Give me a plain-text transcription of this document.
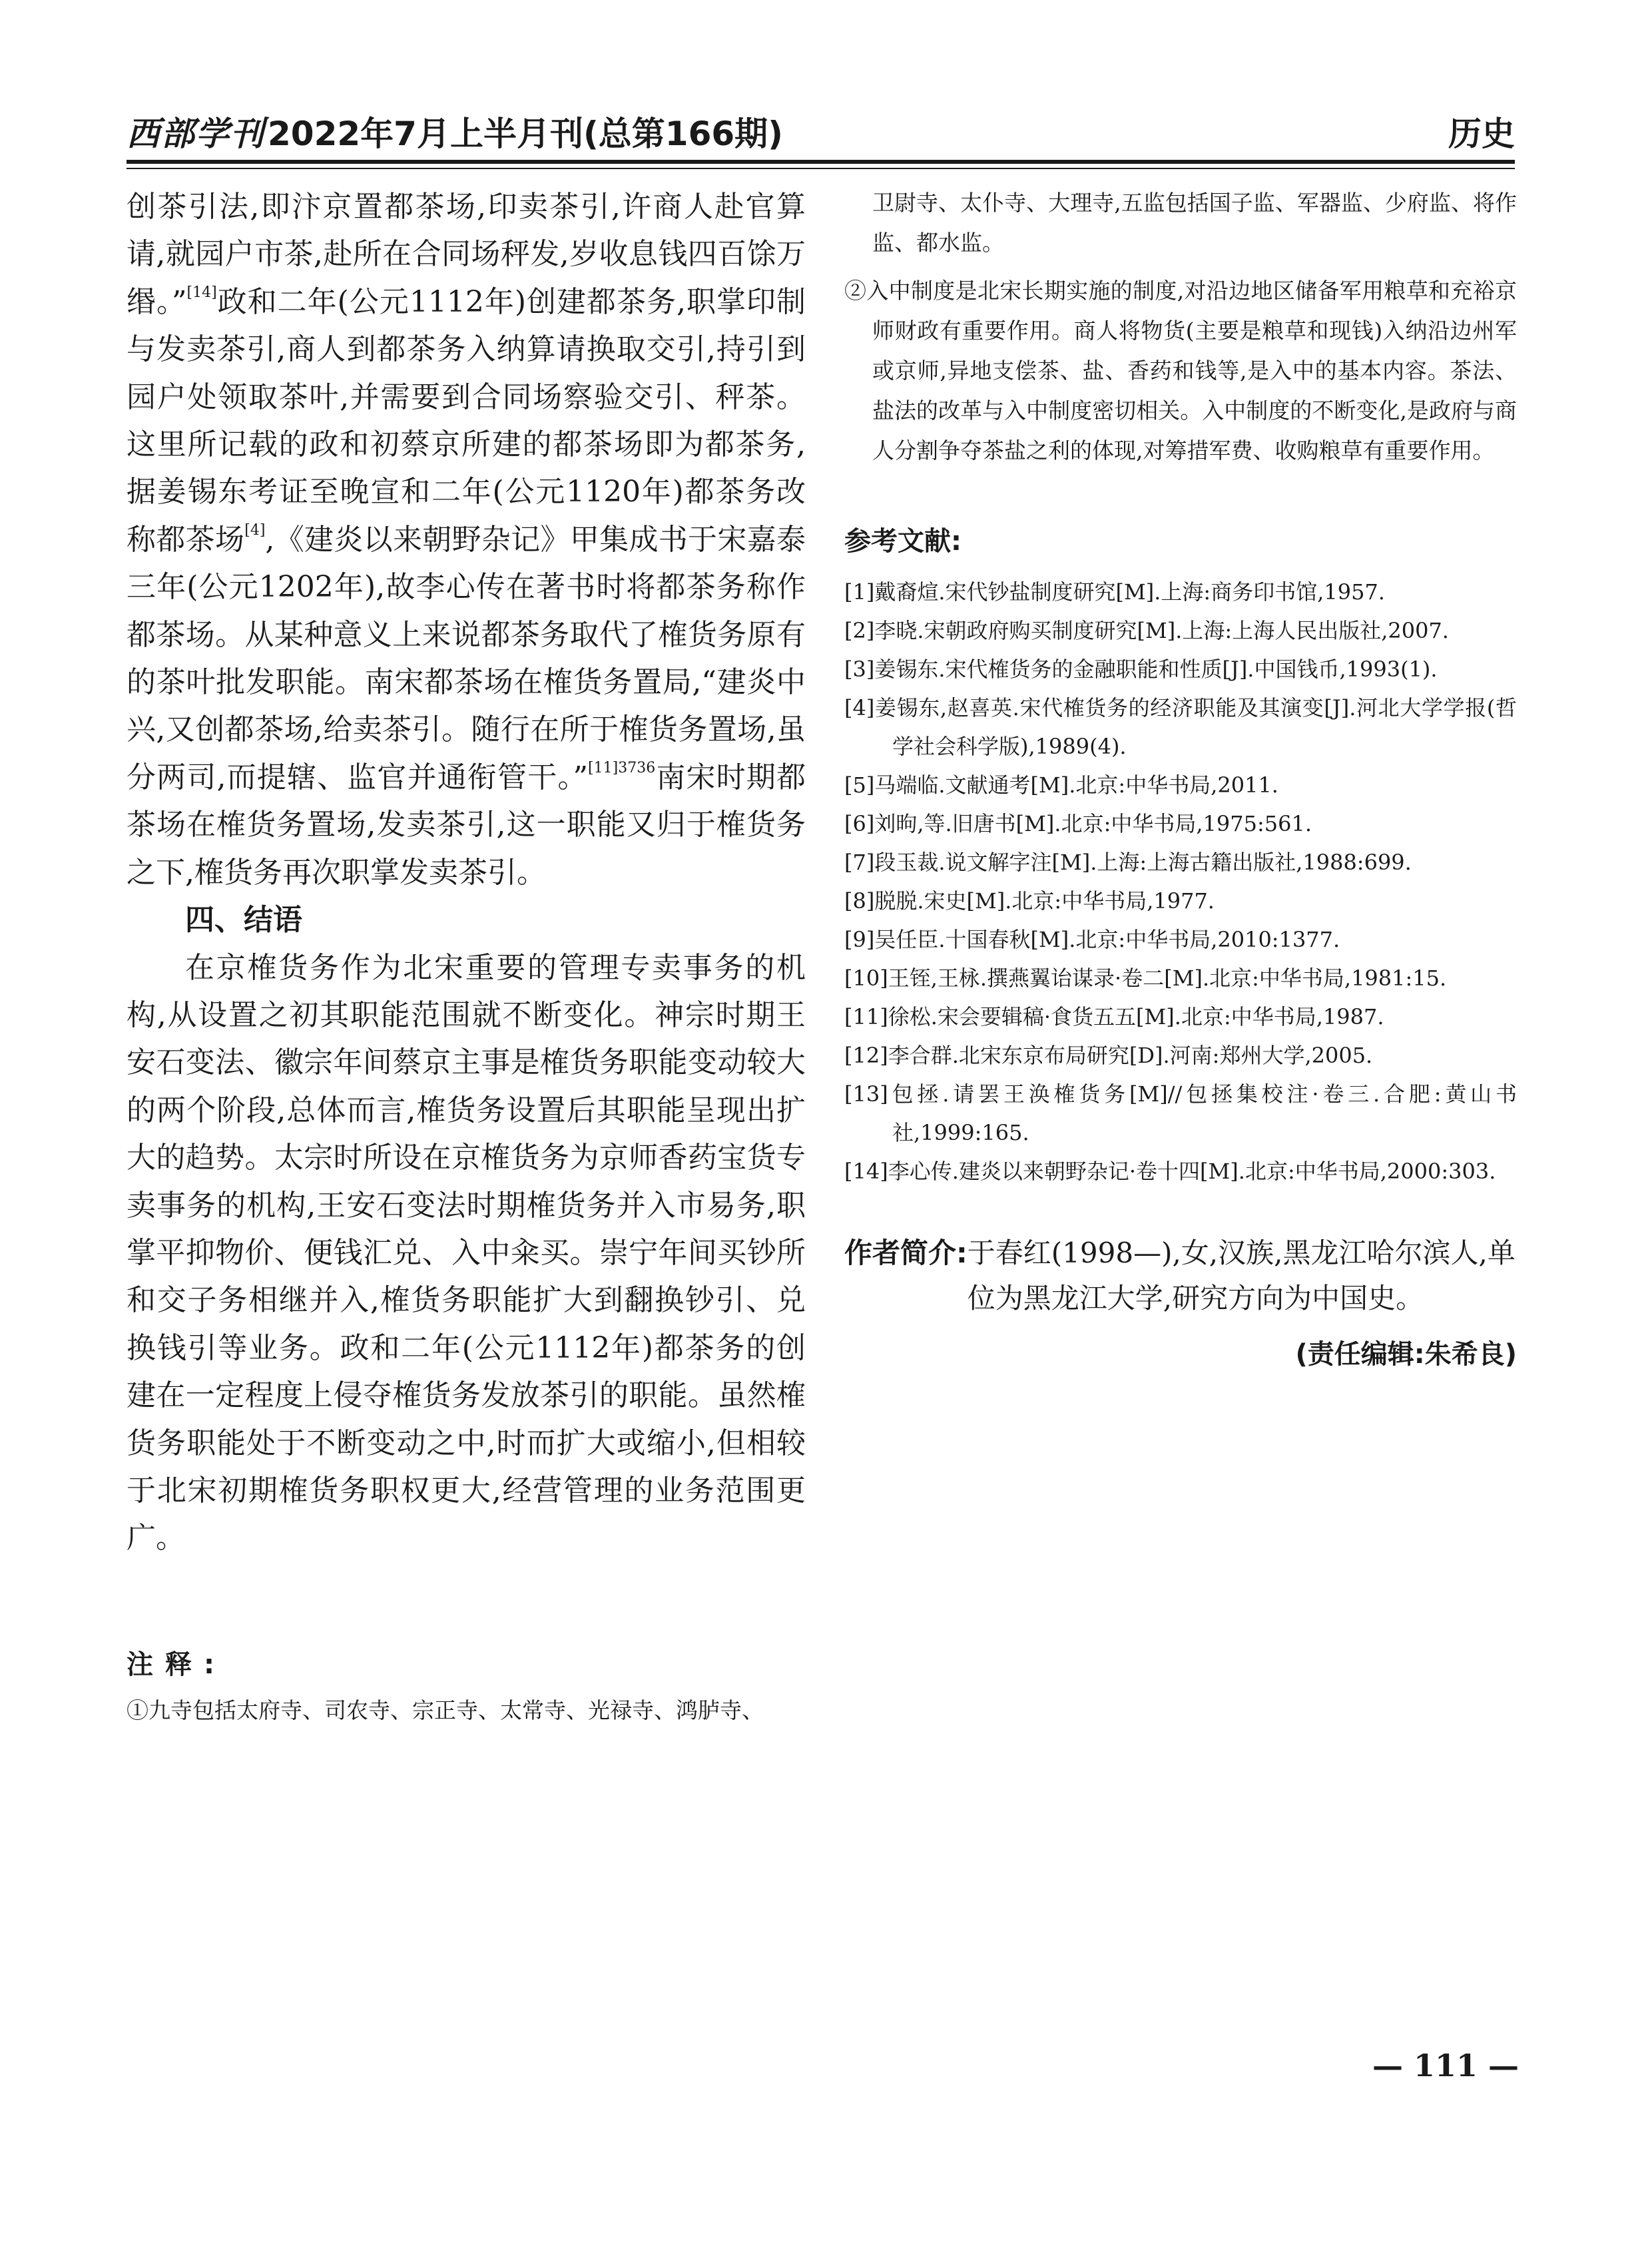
西部学刊2022年7月上半月刊(总第166期)	历史

创茶引法,即汴京置都茶场,印卖茶引,许商人赴官算请,就园户市茶,赴所在合同场秤发,岁收息钱四百馀万缗。”[14]政和二年(公元1112年)创建都茶务,职掌印制与发卖茶引,商人到都茶务入纳算请换取交引,持引到园户处领取茶叶,并需要到合同场察验交引、秤茶。这里所记载的政和初蔡京所建的都茶场即为都茶务,据姜锡东考证至晚宣和二年(公元1120年)都茶务改称都茶场[4],《建炎以来朝野杂记》甲集成书于宋嘉泰三年(公元1202年),故李心传在著书时将都茶务称作都茶场。从某种意义上来说都茶务取代了榷货务原有的茶叶批发职能。南宋都茶场在榷货务置局,“建炎中兴,又创都茶场,给卖茶引。随行在所于榷货务置场,虽分两司,而提辖、监官并通衔管干。”$^{[11]3736}$南宋时期都茶场在榷货务置场,发卖茶引,这一职能又归于榷货务之下,榷货务再次职掌发卖茶引。

四、结语

在京榷货务作为北宋重要的管理专卖事务的机构,从设置之初其职能范围就不断变化。神宗时期王安石变法、徽宗年间蔡京主事是榷货务职能变动较大的两个阶段,总体而言,榷货务设置后其职能呈现出扩大的趋势。太宗时所设在京榷货务为京师香药宝货专卖事务的机构,王安石变法时期榷货务并入市易务,职掌平抑物价、便钱汇兑、入中籴买。崇宁年间买钞所和交子务相继并入,榷货务职能扩大到翻换钞引、兑换钱引等业务。政和二年(公元1112年)都茶务的创建在一定程度上侵夺榷货务发放茶引的职能。虽然榷货务职能处于不断变动之中,时而扩大或缩小,但相较于北宋初期榷货务职权更大,经营管理的业务范围更广。

注释:
①九寺包括太府寺、司农寺、宗正寺、太常寺、光禄寺、鸿胪寺、

卫尉寺、太仆寺、大理寺,五监包括国子监、军器监、少府监、将作监、都水监。

②入中制度是北宋长期实施的制度,对沿边地区储备军用粮草和充裕京师财政有重要作用。商人将物货(主要是粮草和现钱)入纳沿边州军或京师,异地支偿茶、盐、香药和钱等,是入中的基本内容。茶法、盐法的改革与入中制度密切相关。入中制度的不断变化,是政府与商人分割争夺茶盐之利的体现,对筹措军费、收购粮草有重要作用。

参考文献:

[1]戴裔煊.宋代钞盐制度研究[M].上海:商务印书馆,1957.

[2]李晓.宋朝政府购买制度研究[M].上海:上海人民出版社,2007.

[3]姜锡东.宋代榷货务的金融职能和性质[J].中国钱币,1993(1).

[4]姜锡东,赵喜英.宋代榷货务的经济职能及其演变[J].河北大学学报(哲学社会科学版),1989(4).

[5]马端临.文献通考[M].北京:中华书局,2011.

[6]刘昫,等.旧唐书[M].北京:中华书局,1975:561.

[7]段玉裁.说文解字注[M].上海:上海古籍出版社,1988:699.

[8]脱脱.宋史[M].北京:中华书局,1977.

[9]吴任臣.十国春秋[M].北京:中华书局,2010:1377.

[10]王铚,王栐.撰燕翼诒谋录·卷二[M].北京:中华书局,1981:15.

[11]徐松.宋会要辑稿·食货五五[M].北京:中华书局,1987.

[12]李合群.北宋东京布局研究[D].河南:郑州大学,2005.

[13]包拯.请罢王涣榷货务[M]//包拯集校注·卷三.合肥:黄山书社,1999:165.

[14]李心传.建炎以来朝野杂记·卷十四[M].北京:中华书局,2000:303.

作者简介: 于春红(1998—),女,汉族,黑龙江哈尔滨人,单位为黑龙江大学,研究方向为中国史。
(责任编辑:朱希良)
— 111 —
